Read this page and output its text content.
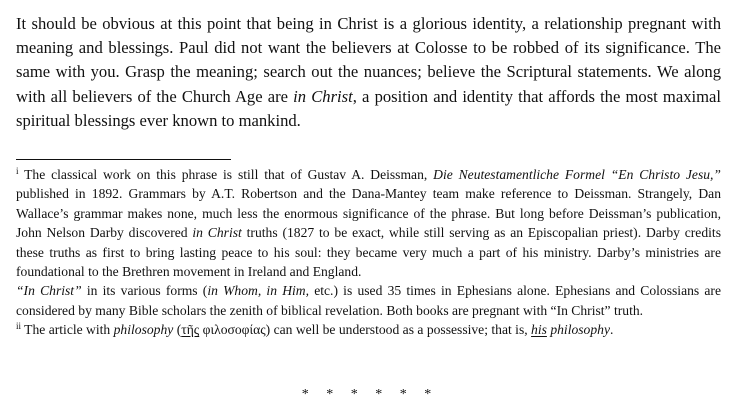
It should be obvious at this point that being in Christ is a glorious identity, a relationship pregnant with meaning and blessings. Paul did not want the believers at Colosse to be robbed of its significance. The same with you. Grasp the meaning; search out the nuances; believe the Scriptural statements. We along with all believers of the Church Age are in Christ, a position and identity that affords the most maximal spiritual blessings ever known to mankind.

$^i$ The classical work on this phrase is still that of Gustav A. Deissman, Die Neutestamentliche Formel “En Christo Jesu,” published in 1892. Grammars by A.T. Robertson and the Dana-Mantey team make reference to Deissman. Strangely, Dan Wallace’s grammar makes none, much less the enormous significance of the phrase. But long before Deissman’s publication, John Nelson Darby discovered in Christ truths (1827 to be exact, while still serving as an Episcopalian priest). Darby credits these truths as first to bring lasting peace to his soul: they became very much a part of his ministry. Darby’s ministries are foundational to the Brethren movement in Ireland and England.

“In Christ” in its various forms (in Whom, in Him, etc.) is used 35 times in Ephesians alone. Ephesians and Colossians are considered by many Bible scholars the zenith of biblical revelation. Both books are pregnant with “In Christ” truth.

$^{ii}$ The article with philosophy (τῆς φιλοσοφίας) can well be understood as a possessive; that is, his philosophy.

* * * * * *
